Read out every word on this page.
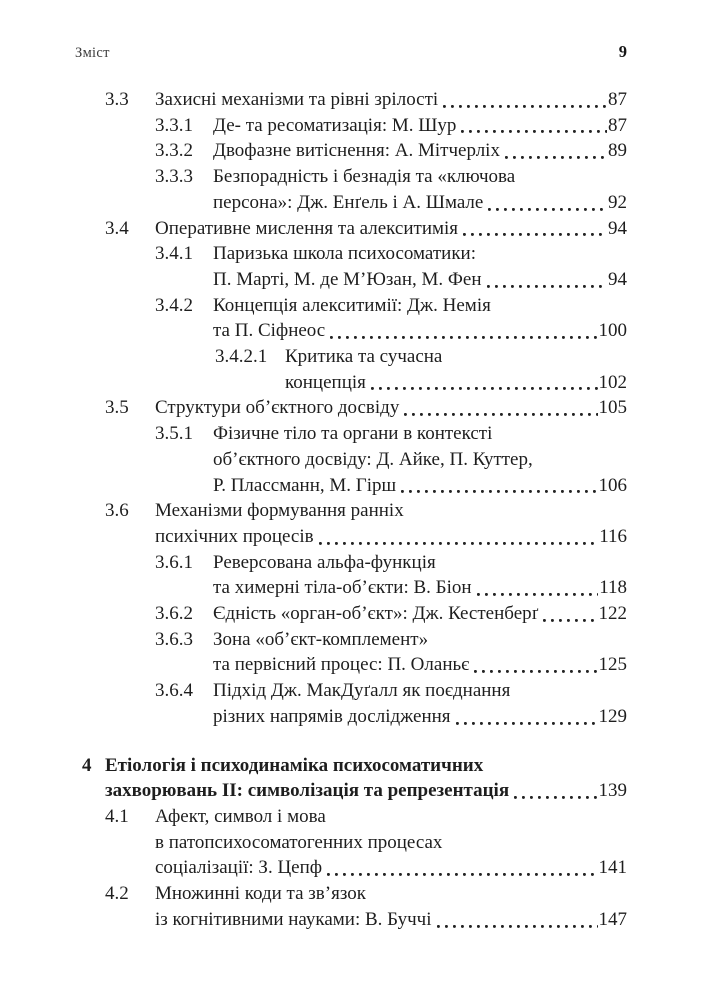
Зміст	9
3.3	Захисні механізми та рівні зрілості	87
3.3.1	Де- та ресоматизація: М. Шур	87
3.3.2	Двофазне витіснення: А. Мітчерліх	89
3.3.3	Безпорадність і безнадія та «ключова
персона»: Дж. Енґель і А. Шмале	92
3.4	Оперативне мислення та алекситимія	94
3.4.1	Паризька школа психосоматики:
П. Марті, М. де М’Юзан, М. Фен	94
3.4.2	Концепція алекситимії: Дж. Немія
та П. Сіфнеос	100
3.4.2.1 Критика та сучасна
концепція	102
3.5	Структури об’єктного досвіду	105
3.5.1	Фізичне тіло та органи в контексті
об’єктного досвіду: Д. Айке, П. Куттер,
Р. Плассманн, М. Гірш	106
3.6	Механізми формування ранніх
психічних процесів	116
3.6.1	Реверсована альфа-функція
та химерні тіла-об’єкти: В. Біон	118
3.6.2	Єдність «орган-об’єкт»: Дж. Кестенберґ	122
3.6.3	Зона «об’єкт-комплемент»
та первісний процес: П. Оланьє	125
3.6.4	Підхід Дж. МакДуґалл як поєднання
різних напрямів дослідження	129
4 Етіологія і психодинаміка психосоматичних
захворювань II: символізація та репрезентація	139
4.1	Афект, символ і мова
в патопсихосоматогенних процесах
соціалізації: З. Цепф	141
4.2	Множинні коди та зв’язок
із когнітивними науками: В. Буччі	147
